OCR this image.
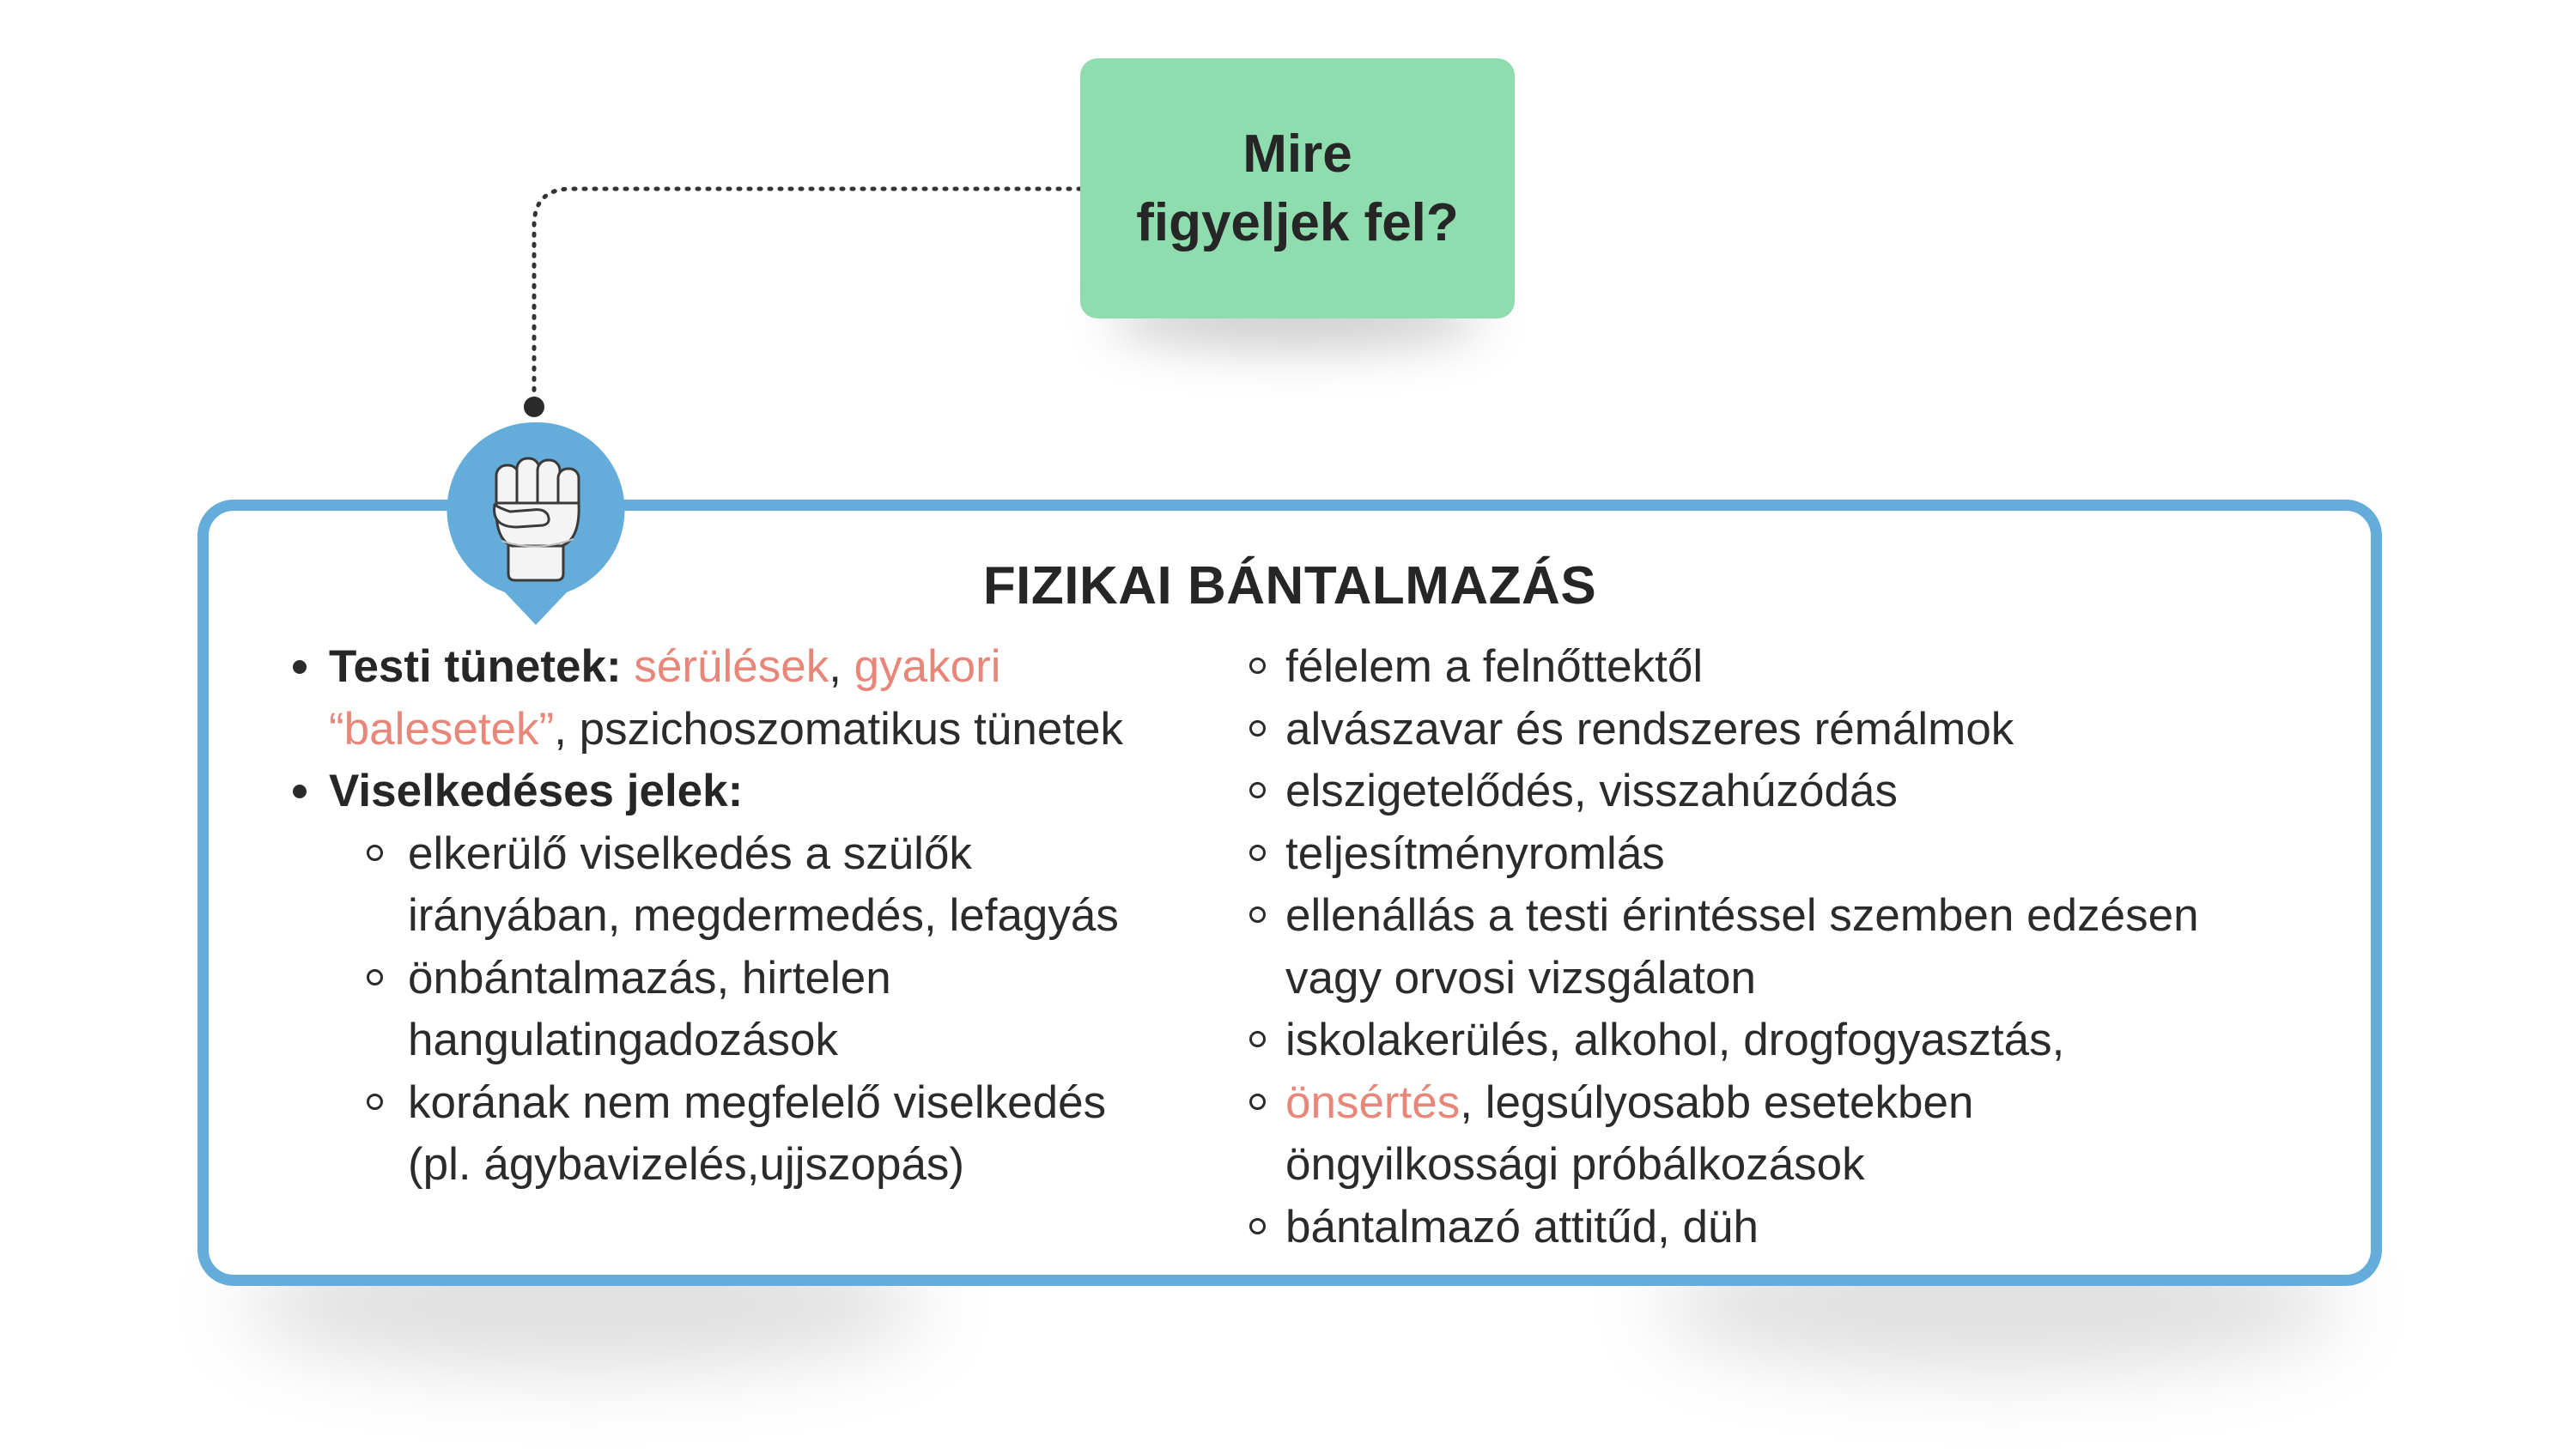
Mire
figyeljek fel?
FIZIKAI BÁNTALMAZÁS
Testi tünetek: sérülések, gyakori
“balesetek”, pszichoszomatikus tünetek
Viselkedéses jelek:
elkerülő viselkedés a szülők
irányában, megdermedés, lefagyás
önbántalmazás, hirtelen
hangulatingadozások
korának nem megfelelő viselkedés
(pl. ágybavizelés,ujjszopás)
félelem a felnőttektől
alvászavar és rendszeres rémálmok
elszigetelődés, visszahúzódás
teljesítményromlás
ellenállás a testi érintéssel szemben edzésen
vagy orvosi vizsgálaton
iskolakerülés, alkohol, drogfogyasztás,
önsértés, legsúlyosabb esetekben
öngyilkossági próbálkozások
bántalmazó attitűd, düh
